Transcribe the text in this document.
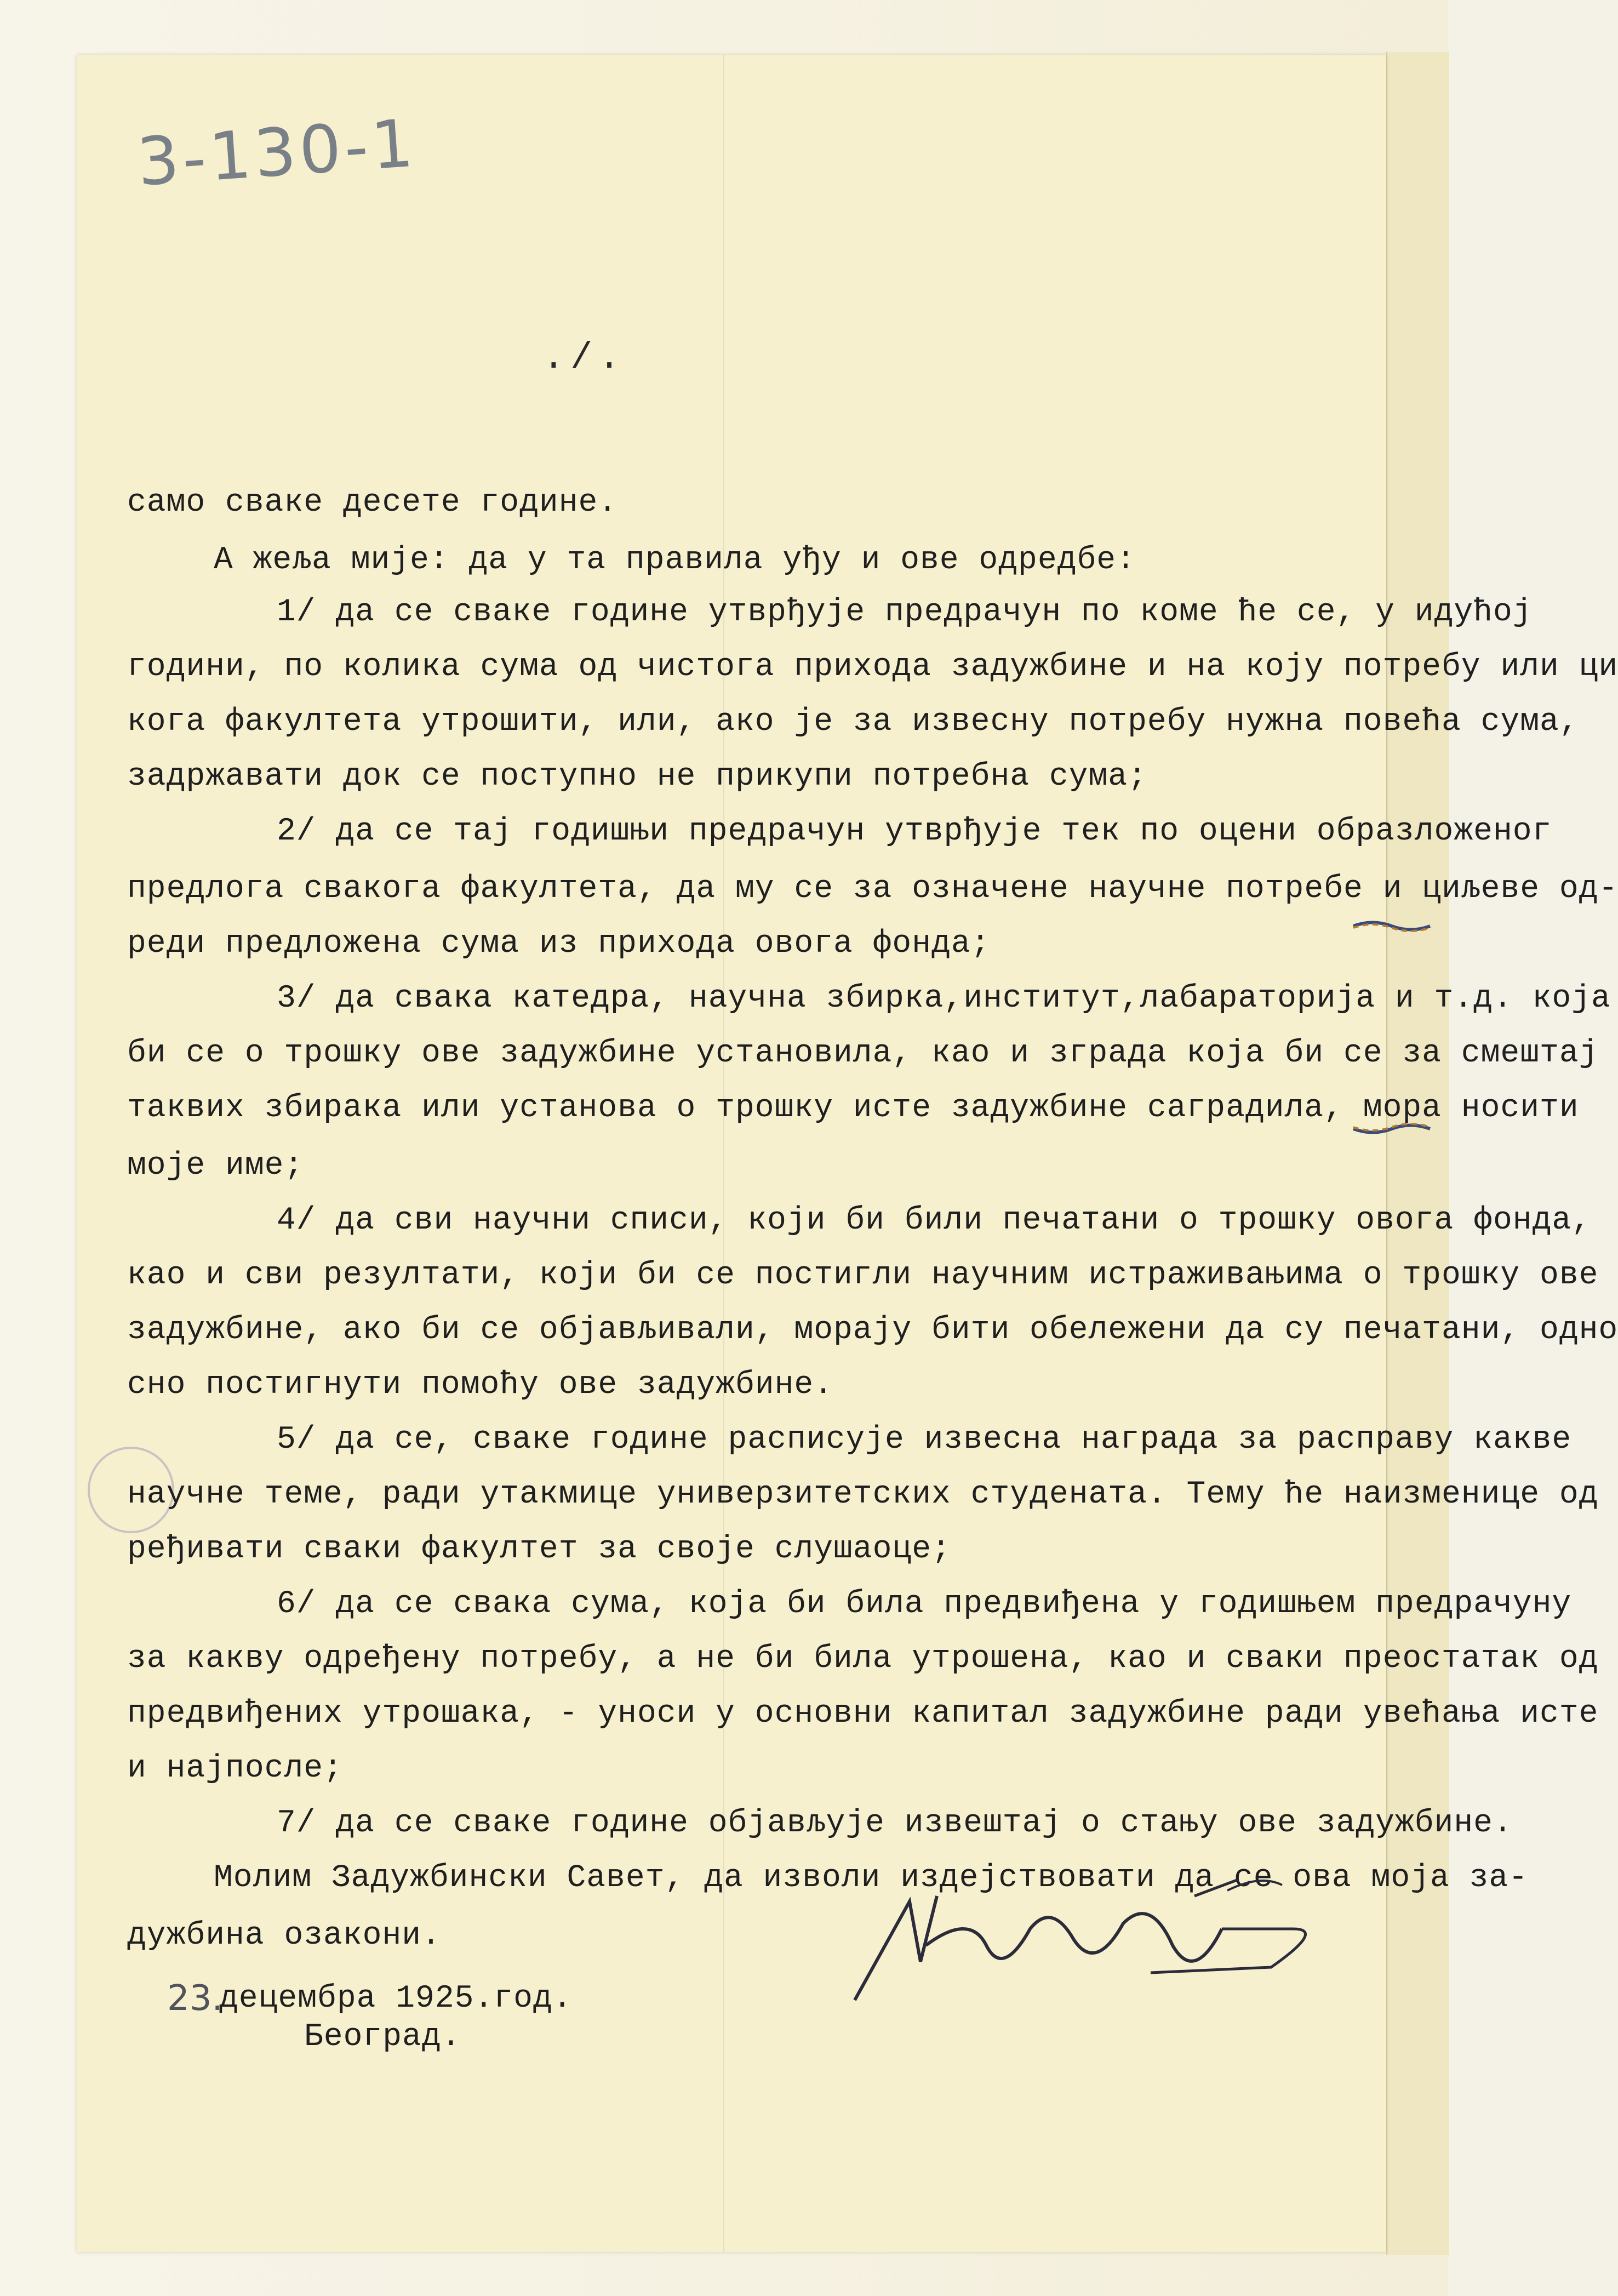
3-130-1
./.
само сваке десете године.
А жеља мије: да у та правила уђу и ове одредбе:
1/ да се сваке године утврђује предрачун по коме ће се, у идућој
години, по колика сума од чистога прихода задужбине и на коју потребу или ци
кога факултета утрошити, или, ако је за извесну потребу нужна повећа сума,
задржавати док се поступно не прикупи потребна сума;
2/ да се тај годишњи предрачун утврђује тек по оцени образложеног
предлога свакога факултета, да му се за означене научне потребе и циљеве од-
реди предложена сума из прихода овога фонда;
3/ да свака катедра, научна збирка,институт,лабараторија и т.д. која
би се о трошку ове задужбине установила, као и зграда која би се за смештај
таквих збирака или установа о трошку исте задужбине саградила, мора носити
моје име;
4/ да сви научни списи, који би били печатани о трошку овога фонда,
као и сви резултати, који би се постигли научним истраживањима о трошку ове
задужбине, ако би се објављивали, морају бити обележени да су печатани, одно
сно постигнути помоћу ове задужбине.
5/ да се, сваке године расписује извесна награда за расправу какве
научне теме, ради утакмице универзитетских студената. Тему ће наизменице од
ређивати сваки факултет за своје слушаоце;
6/ да се свака сума, која би била предвиђена у годишњем предрачуну
за какву одређену потребу, а не би била утрошена, као и сваки преостатак од
предвиђених утрошака, - уноси у основни капитал задужбине ради увећања исте
и најпосле;
7/ да се сваке године објављује извештај о стању ове задужбине.
Молим Задужбински Савет, да изволи издејствовати да се ова моја за-
дужбина озакони.
23.
децембра 1925.год.
Београд.
